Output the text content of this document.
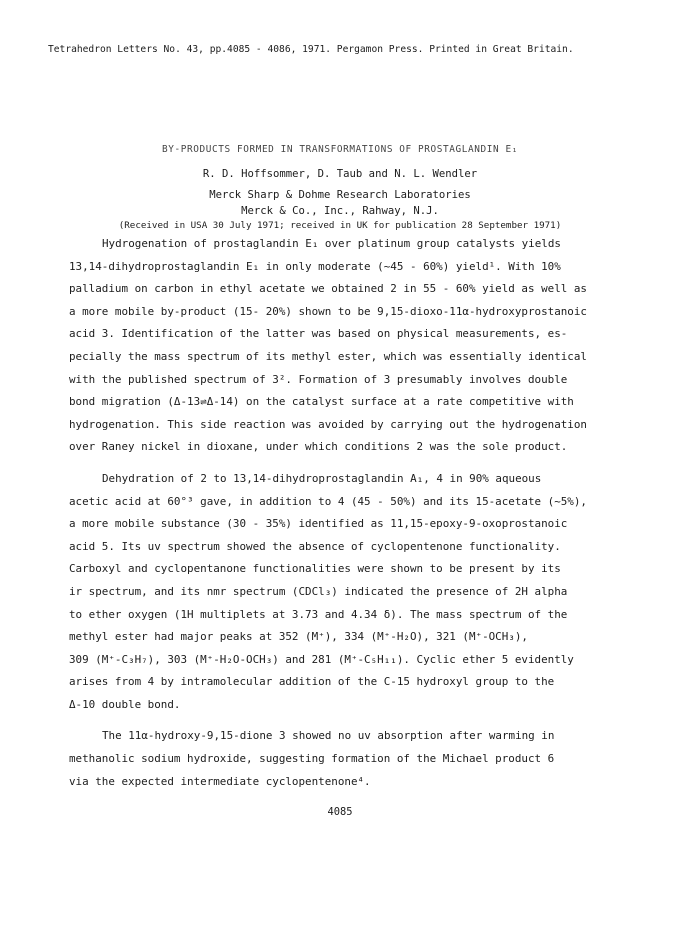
Tetrahedron Letters No. 43, pp.4085 - 4086, 1971. Pergamon Press. Printed in Great Britain.
BY-PRODUCTS FORMED IN TRANSFORMATIONS OF PROSTAGLANDIN E₁
R. D. Hoffsommer, D. Taub and N. L. Wendler
Merck Sharp & Dohme Research Laboratories
Merck & Co., Inc., Rahway, N.J.
(Received in USA 30 July 1971; received in UK for publication 28 September 1971)
Hydrogenation of prostaglandin E₁ over platinum group catalysts yields
13,14-dihydroprostaglandin E₁ in only moderate (~45 - 60%) yield¹. With 10%
palladium on carbon in ethyl acetate we obtained 2 in 55 - 60% yield as well as
a more mobile by-product (15- 20%) shown to be 9,15-dioxo-11α-hydroxyprostanoic
acid 3. Identification of the latter was based on physical measurements, es-
pecially the mass spectrum of its methyl ester, which was essentially identical
with the published spectrum of 3². Formation of 3 presumably involves double
bond migration (Δ-13⇌Δ-14) on the catalyst surface at a rate competitive with
hydrogenation. This side reaction was avoided by carrying out the hydrogenation
over Raney nickel in dioxane, under which conditions 2 was the sole product.
Dehydration of 2 to 13,14-dihydroprostaglandin A₁, 4 in 90% aqueous
acetic acid at 60°³ gave, in addition to 4 (45 - 50%) and its 15-acetate (~5%),
a more mobile substance (30 - 35%) identified as 11,15-epoxy-9-oxoprostanoic
acid 5. Its uv spectrum showed the absence of cyclopentenone functionality.
Carboxyl and cyclopentanone functionalities were shown to be present by its
ir spectrum, and its nmr spectrum (CDCl₃) indicated the presence of 2H alpha
to ether oxygen (1H multiplets at 3.73 and 4.34 δ). The mass spectrum of the
methyl ester had major peaks at 352 (M⁺), 334 (M⁺-H₂O), 321 (M⁺-OCH₃),
309 (M⁺-C₃H₇), 303 (M⁺-H₂O-OCH₃) and 281 (M⁺-C₅H₁₁). Cyclic ether 5 evidently
arises from 4 by intramolecular addition of the C-15 hydroxyl group to the
Δ-10 double bond.
The 11α-hydroxy-9,15-dione 3 showed no uv absorption after warming in
methanolic sodium hydroxide, suggesting formation of the Michael product 6
via the expected intermediate cyclopentenone⁴.
4085
